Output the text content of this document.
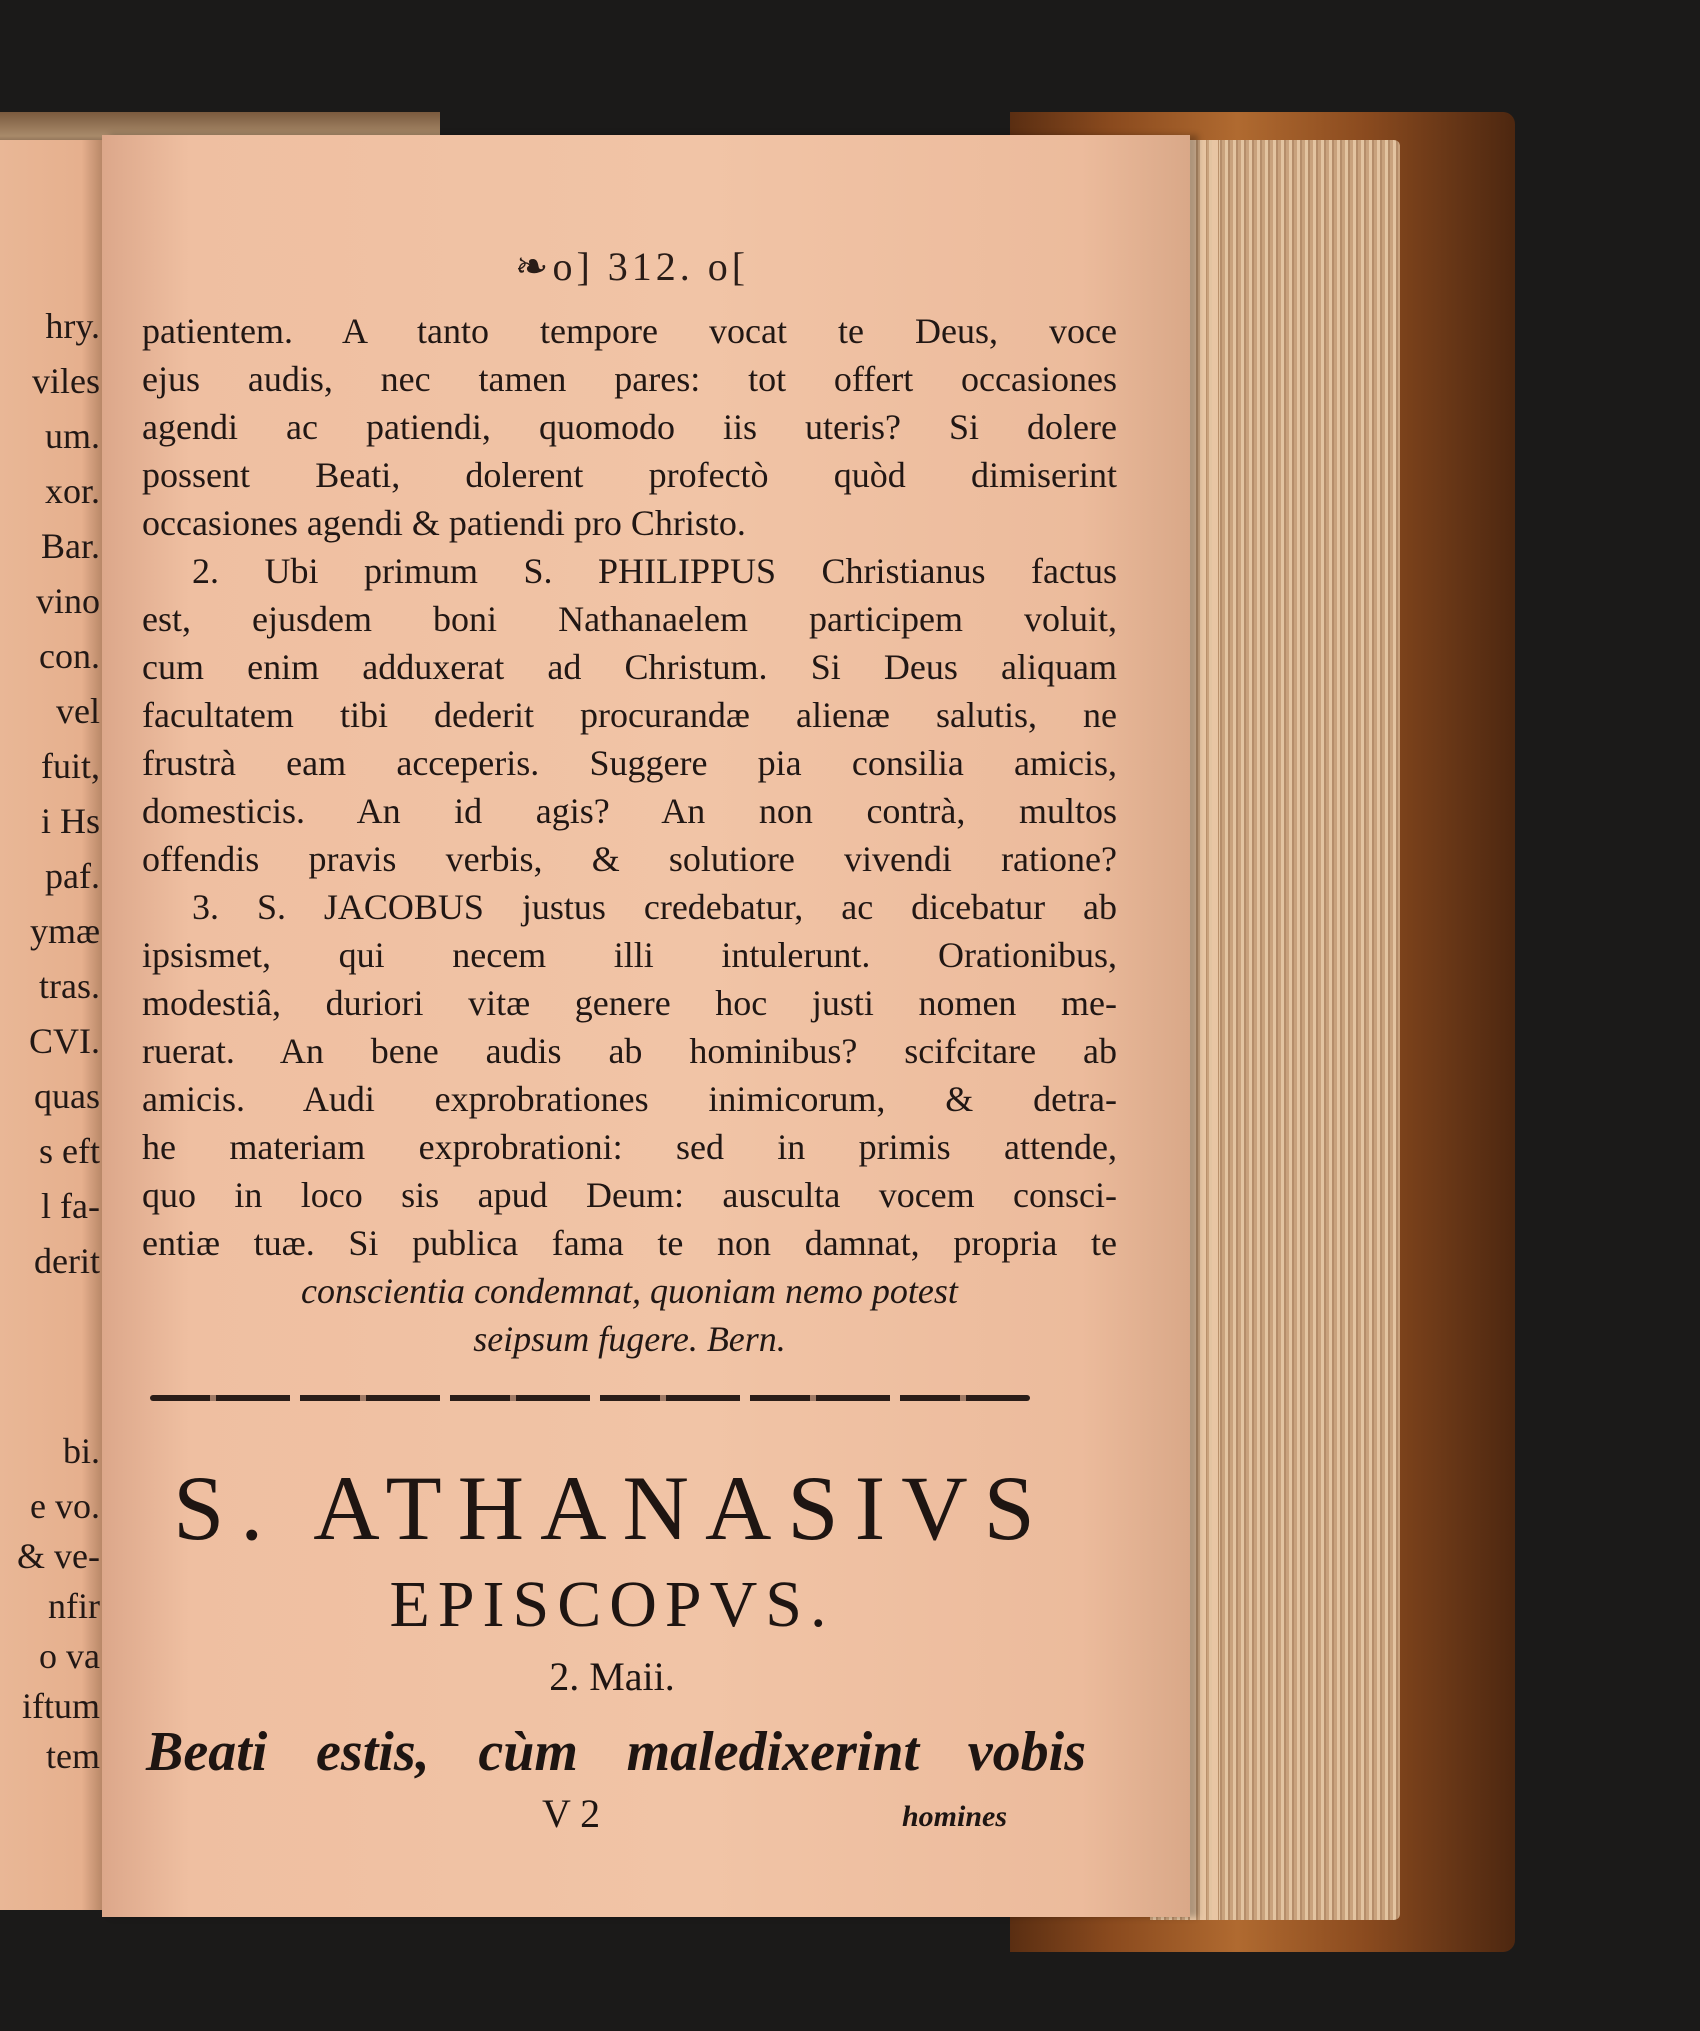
hry.
viles
um.
xor.
Bar.
vino
con.
vel
fuit,
i Hs
paf.
ymæ
tras.
CVI.
quas
s eft
l fa-
derit
bi.
e vo.
& ve-
nfir
o va
iftum
tem
❧o] 312. o[
patientem. A tanto tempore vocat te Deus, voce
ejus audis, nec tamen pares: tot offert occasiones
agendi ac patiendi, quomodo iis uteris? Si dolere
possent Beati, dolerent profectò quòd dimiserint
occasiones agendi & patiendi pro Christo.
2. Ubi primum S. PHILIPPUS Christianus factus
est, ejusdem boni Nathanaelem participem voluit,
cum enim adduxerat ad Christum. Si Deus aliquam
facultatem tibi dederit procurandæ alienæ salutis, ne
frustrà eam acceperis. Suggere pia consilia amicis,
domesticis. An id agis? An non contrà, multos
offendis pravis verbis, & solutiore vivendi ratione?
3. S. JACOBUS justus credebatur, ac dicebatur ab
ipsismet, qui necem illi intulerunt. Orationibus,
modestiâ, duriori vitæ genere hoc justi nomen me-
ruerat. An bene audis ab hominibus? scifcitare ab
amicis. Audi exprobrationes inimicorum, & detra-
he materiam exprobrationi: sed in primis attende,
quo in loco sis apud Deum: ausculta vocem consci-
entiæ tuæ. Si publica fama te non damnat, propria te
conscientia condemnat, quoniam nemo potest
seipsum fugere. Bern.
S. ATHANASIVS
EPISCOPVS.
2. Maii.
Beati estis, cùm maledixerint vobis
V 2	homines
